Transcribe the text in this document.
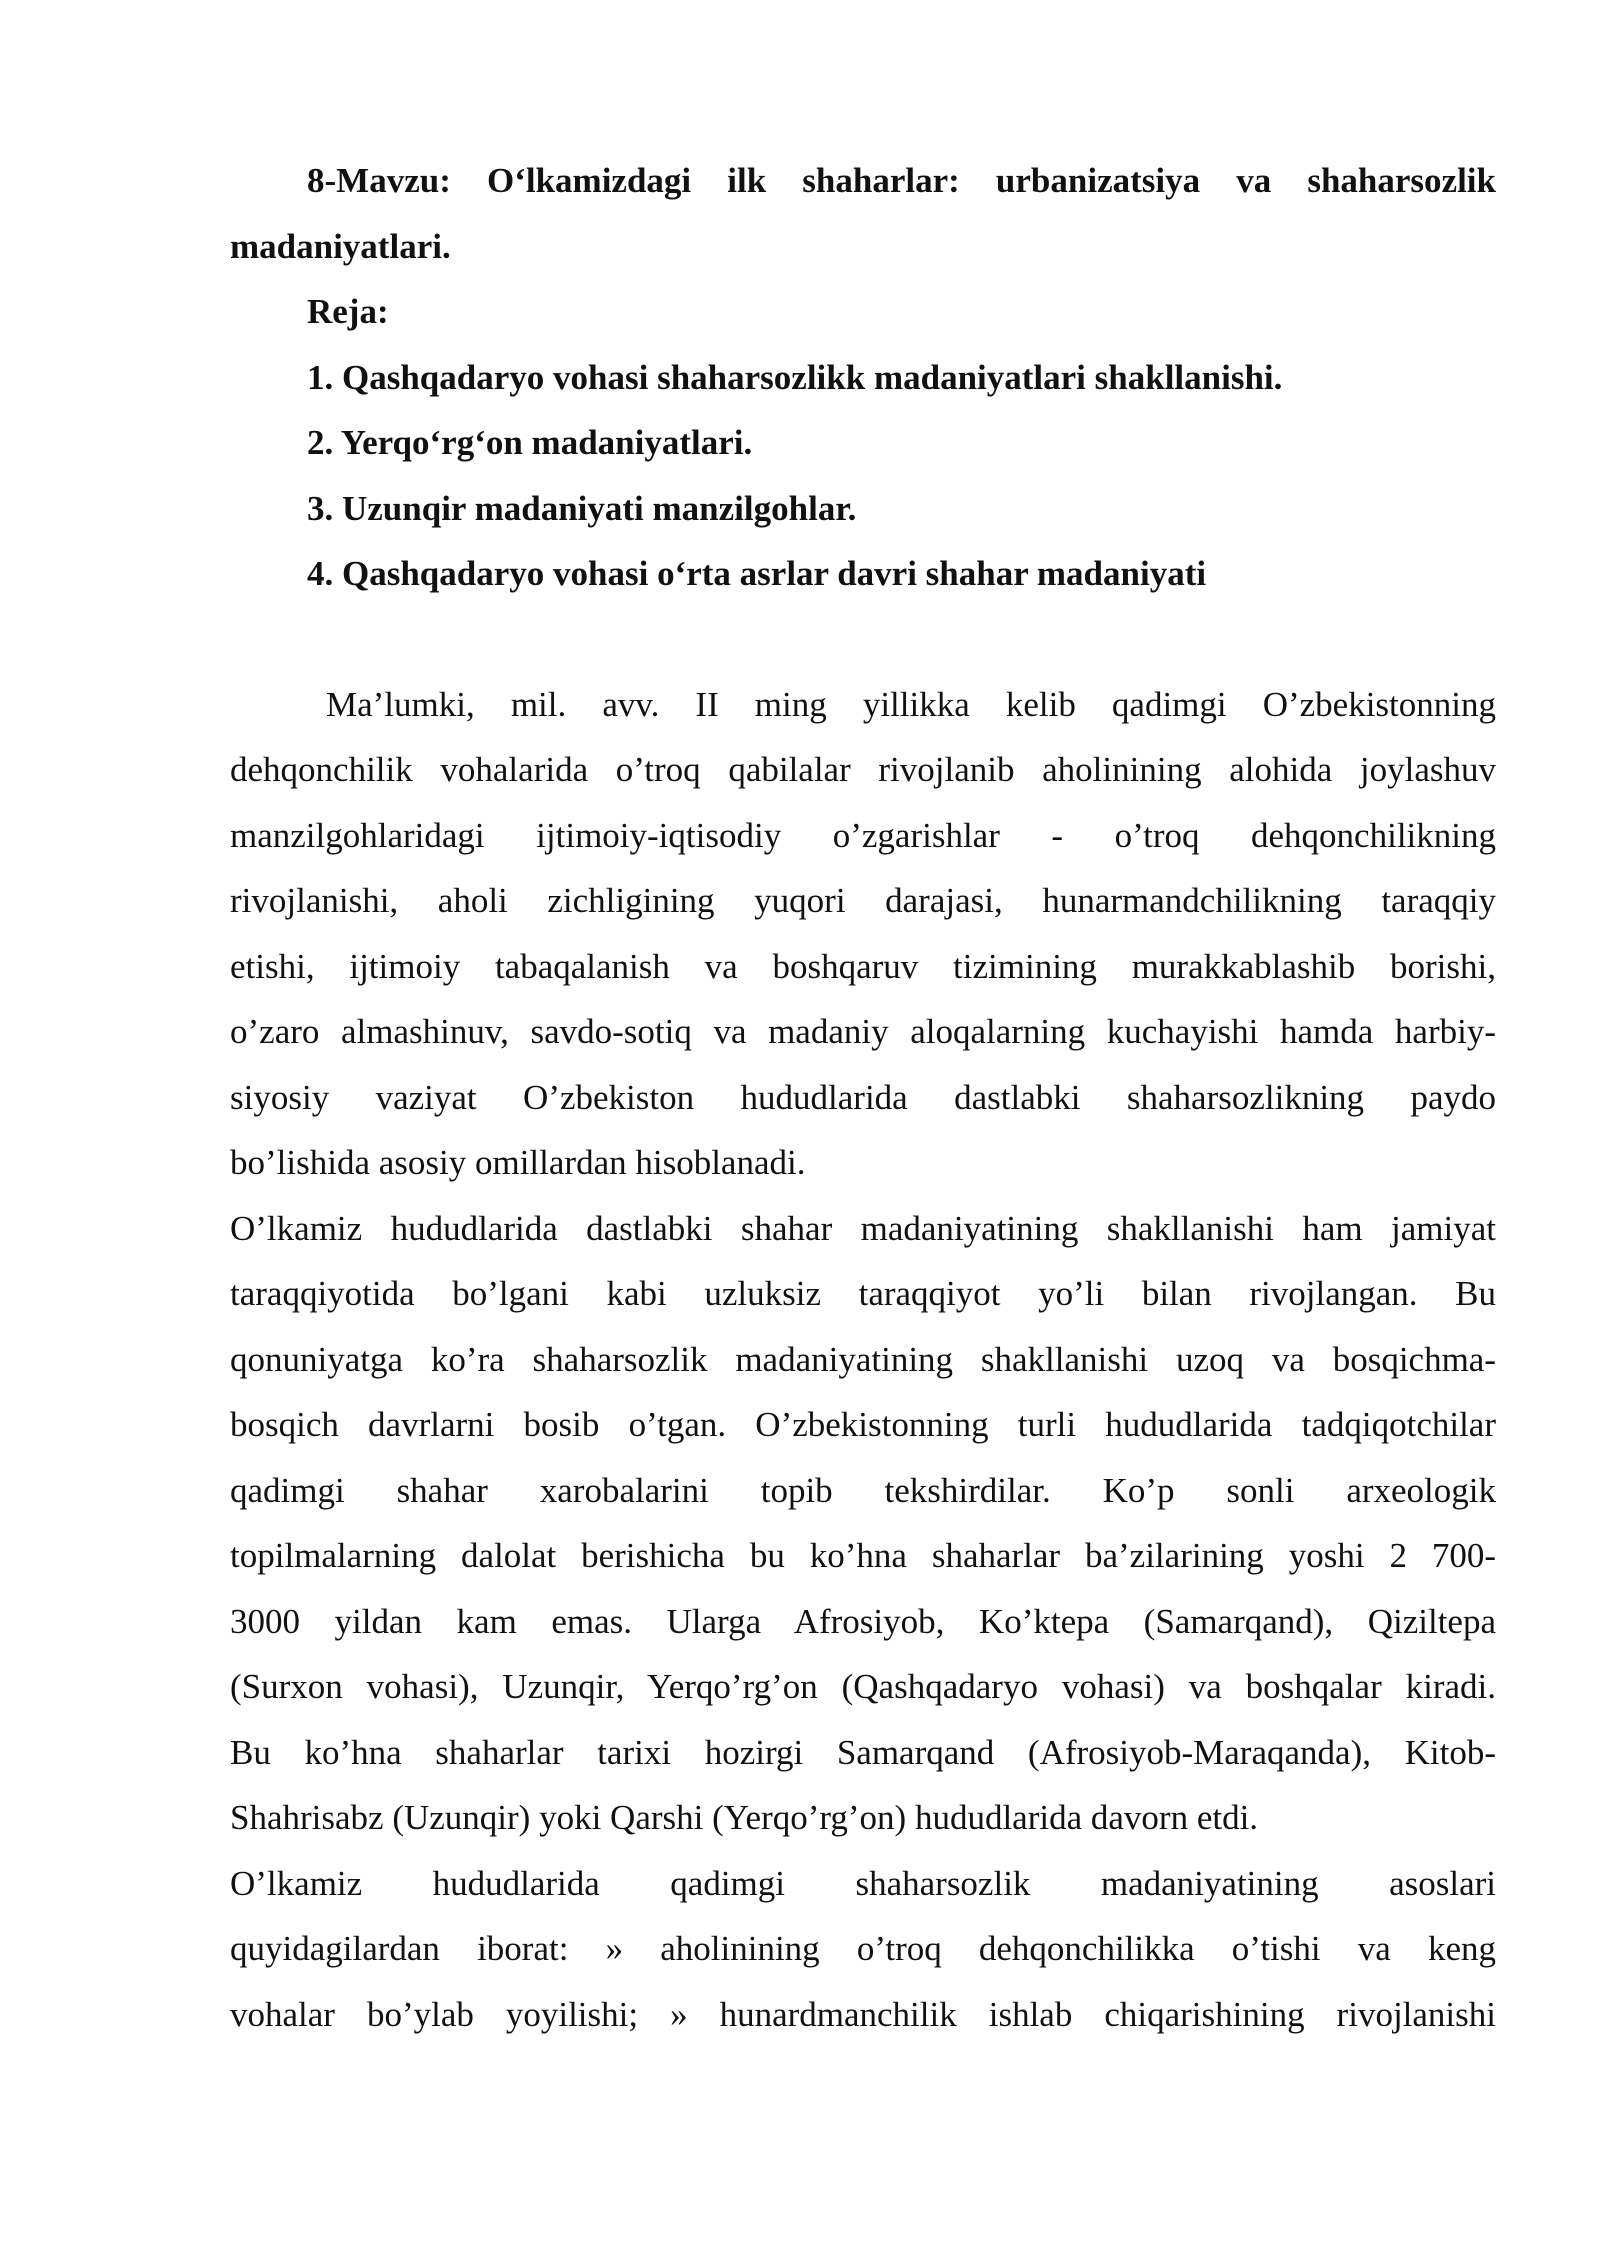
8-Mavzu: O‘lkamizdagi ilk shaharlar: urbanizatsiya va shaharsozlik

madaniyatlari.

Reja:

1. Qashqadaryo vohasi shaharsozlikk madaniyatlari shakllanishi.

2. Yerqo‘rg‘on madaniyatlari.

3. Uzunqir madaniyati manzilgohlar.

4. Qashqadaryo vohasi o‘rta asrlar davri shahar madaniyati

Ma’lumki, mil. avv. II ming yillikka kelib qadimgi O’zbekistonning

dehqonchilik vohalarida o’troq qabilalar rivojlanib aholinining alohida joylashuv

manzilgohlaridagi ijtimoiy-iqtisodiy o’zgarishlar - o’troq dehqonchilikning

rivojlanishi, aholi zichligining yuqori darajasi, hunarmandchilikning taraqqiy

etishi, ijtimoiy tabaqalanish va boshqaruv tizimining murakkablashib borishi,

o’zaro almashinuv, savdo-sotiq va madaniy aloqalarning kuchayishi hamda harbiy-

siyosiy vaziyat O’zbekiston hududlarida dastlabki shaharsozlikning paydo

bo’lishida asosiy omillardan hisoblanadi.

O’lkamiz hududlarida dastlabki shahar madaniyatining shakllanishi ham jamiyat

taraqqiyotida bo’lgani kabi uzluksiz taraqqiyot yo’li bilan rivojlangan. Bu

qonuniyatga ko’ra shaharsozlik madaniyatining shakllanishi uzoq va bosqichma-

bosqich davrlarni bosib o’tgan. O’zbekistonning turli hududlarida tadqiqotchilar

qadimgi shahar xarobalarini topib tekshirdilar. Ko’p sonli arxeologik

topilmalarning dalolat berishicha bu ko’hna shaharlar ba’zilarining yoshi 2 700-

3000 yildan kam emas. Ularga Afrosiyob, Ko’ktepa (Samarqand), Qiziltepa

(Surxon vohasi), Uzunqir, Yerqo’rg’on (Qashqadaryo vohasi) va boshqalar kiradi.

Bu ko’hna shaharlar tarixi hozirgi Samarqand (Afrosiyob-Maraqanda), Kitob-

Shahrisabz (Uzunqir) yoki Qarshi (Yerqo’rg’on) hududlarida davorn etdi.

O’lkamiz hududlarida qadimgi shaharsozlik madaniyatining asoslari

quyidagilardan iborat: » aholinining o’troq dehqonchilikka o’tishi va keng

vohalar bo’ylab yoyilishi; » hunardmanchilik ishlab chiqarishining rivojlanishi
